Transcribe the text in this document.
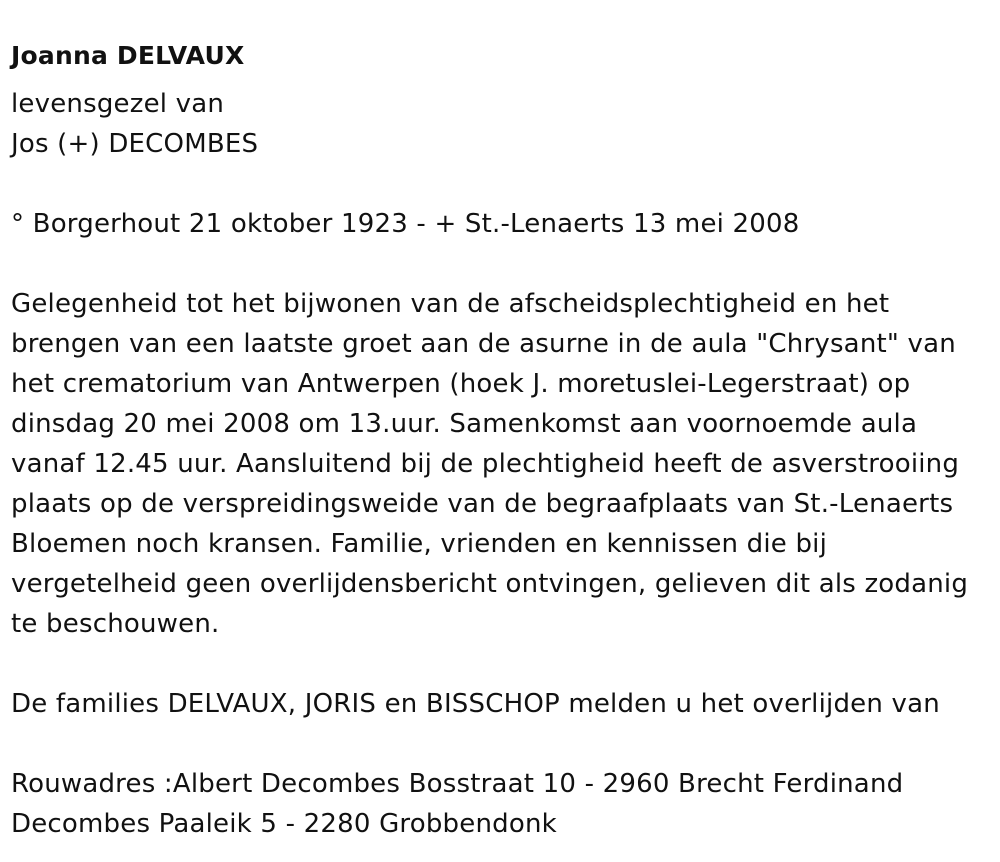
Joanna DELVAUX
levensgezel van
Jos (+) DECOMBES
° Borgerhout 21 oktober 1923 - + St.-Lenaerts 13 mei 2008
Gelegenheid tot het bijwonen van de afscheidsplechtigheid en het
brengen van een laatste groet aan de asurne in de aula "Chrysant" van
het crematorium van Antwerpen (hoek J. moretuslei-Legerstraat) op
dinsdag 20 mei 2008 om 13.uur. Samenkomst aan voornoemde aula
vanaf 12.45 uur. Aansluitend bij de plechtigheid heeft de asverstrooiing
plaats op de verspreidingsweide van de begraafplaats van St.-Lenaerts
Bloemen noch kransen. Familie, vrienden en kennissen die bij
vergetelheid geen overlijdensbericht ontvingen, gelieven dit als zodanig
te beschouwen.
De families DELVAUX, JORIS en BISSCHOP melden u het overlijden van
Rouwadres :Albert Decombes Bosstraat 10 - 2960 Brecht Ferdinand
Decombes Paaleik 5 - 2280 Grobbendonk
